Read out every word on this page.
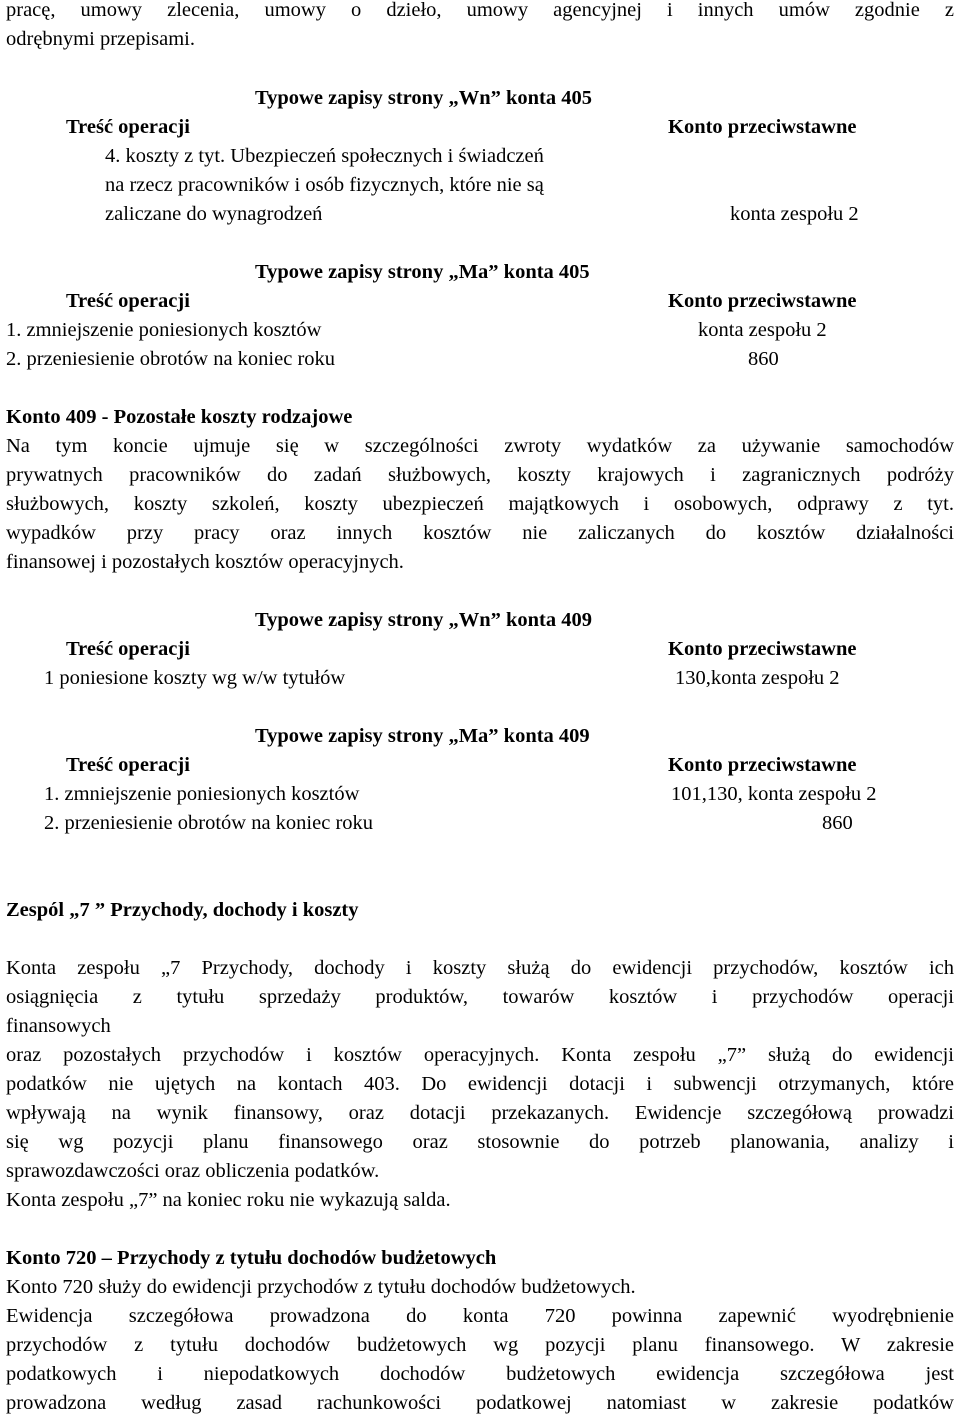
pracę, umowy zlecenia, umowy o dzieło, umowy agencyjnej i innych umów zgodnie z
odrębnymi przepisami.
Typowe zapisy strony „Wn” konta 405
Treść operacji	Konto przeciwstawne
4. koszty z tyt. Ubezpieczeń społecznych i świadczeń
na rzecz pracowników i osób fizycznych, które nie są
zaliczane do wynagrodzeń	konta zespołu 2
Typowe zapisy strony „Ma” konta 405
Treść operacji	Konto przeciwstawne
1. zmniejszenie poniesionych kosztów	konta zespołu 2
2. przeniesienie obrotów na koniec roku	860
Konto 409 - Pozostałe koszty rodzajowe
Na tym koncie ujmuje się w szczególności zwroty wydatków za używanie samochodów
prywatnych pracowników do zadań służbowych, koszty krajowych i zagranicznych podróży
służbowych, koszty szkoleń, koszty ubezpieczeń majątkowych i osobowych, odprawy z tyt.
wypadków przy pracy oraz innych kosztów nie zaliczanych do kosztów działalności
finansowej i pozostałych kosztów operacyjnych.
Typowe zapisy strony „Wn” konta 409
Treść operacji	Konto przeciwstawne
1 poniesione koszty wg w/w tytułów	130,konta zespołu 2
Typowe zapisy strony „Ma” konta 409
Treść operacji	Konto przeciwstawne
1. zmniejszenie poniesionych kosztów	101,130, konta zespołu 2
2. przeniesienie obrotów na koniec roku	860
Zespól „7 ” Przychody, dochody i koszty
Konta zespołu „7 Przychody, dochody i koszty służą do ewidencji przychodów, kosztów ich
osiągnięcia z tytułu sprzedaży produktów, towarów kosztów i przychodów operacji
finansowych
oraz pozostałych przychodów i kosztów operacyjnych. Konta zespołu „7” służą do ewidencji
podatków nie ujętych na kontach 403. Do ewidencji dotacji i subwencji otrzymanych, które
wpływają na wynik finansowy, oraz dotacji przekazanych. Ewidencje szczegółową prowadzi
się wg pozycji planu finansowego oraz stosownie do potrzeb planowania, analizy i
sprawozdawczości oraz obliczenia podatków.
Konta zespołu „7” na koniec roku nie wykazują salda.
Konto 720 – Przychody z tytułu dochodów budżetowych
Konto 720 służy do ewidencji przychodów z tytułu dochodów budżetowych.
Ewidencja szczegółowa prowadzona do konta 720 powinna zapewnić wyodrębnienie
przychodów z tytułu dochodów budżetowych wg pozycji planu finansowego. W zakresie
podatkowych i niepodatkowych dochodów budżetowych ewidencja szczegółowa jest
prowadzona według zasad rachunkowości podatkowej natomiast w zakresie podatków
